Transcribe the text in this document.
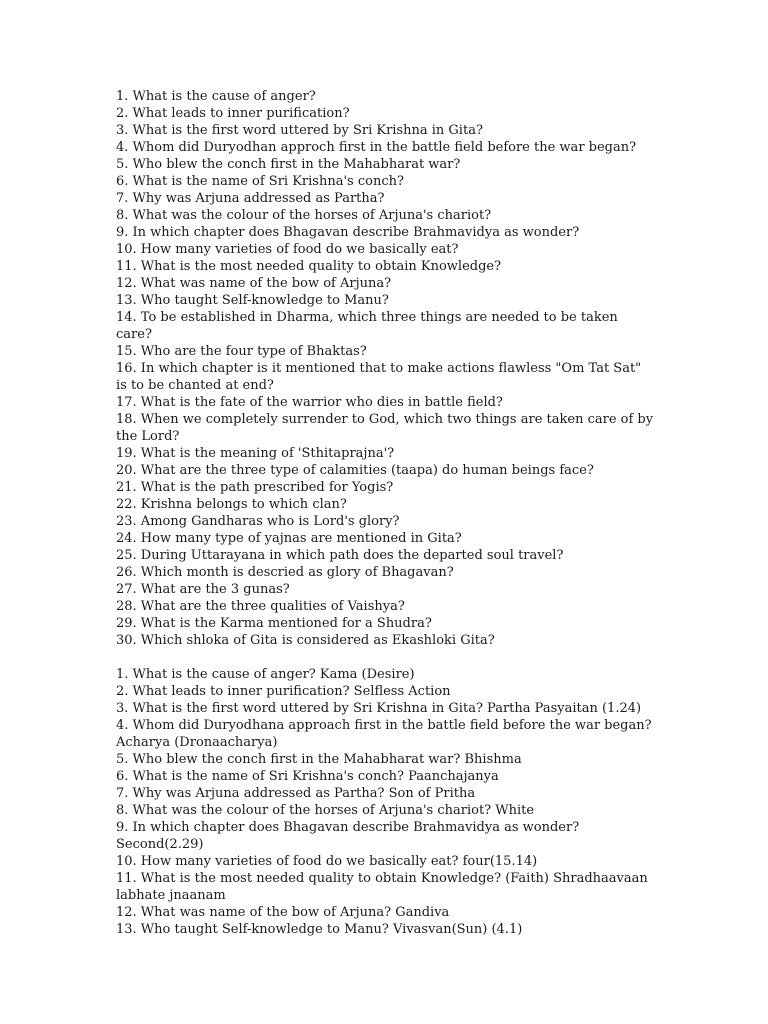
1. What is the cause of anger?
2. What leads to inner purification?
3. What is the first word uttered by Sri Krishna in Gita?
4. Whom did Duryodhan approch first in the battle field before the war began?
5. Who blew the conch first in the Mahabharat war?
6. What is the name of Sri Krishna's conch?
7. Why was Arjuna addressed as Partha?
8. What was the colour of the horses of Arjuna's chariot?
9. In which chapter does Bhagavan describe Brahmavidya as wonder?
10. How many varieties of food do we basically eat?
11. What is the most needed quality to obtain Knowledge?
12. What was name of the bow of Arjuna?
13. Who taught Self-knowledge to Manu?
14. To be established in Dharma, which three things are needed to be taken care?
15. Who are the four type of Bhaktas?
16. In which chapter is it mentioned that to make actions flawless "Om Tat Sat" is to be chanted at end?
17. What is the fate of the warrior who dies in battle field?
18. When we completely surrender to God, which two things are taken care of by the Lord?
19. What is the meaning of 'Sthitaprajna'?
20. What are the three type of calamities (taapa) do human beings face?
21. What is the path prescribed for Yogis?
22. Krishna belongs to which clan?
23. Among Gandharas who is Lord's glory?
24. How many type of yajnas are mentioned in Gita?
25. During Uttarayana in which path does the departed soul travel?
26. Which month is descried as glory of Bhagavan?
27. What are the 3 gunas?
28. What are the three qualities of Vaishya?
29. What is the Karma mentioned for a Shudra?
30. Which shloka of Gita is considered as Ekashloki Gita?
1. What is the cause of anger? Kama (Desire)
2. What leads to inner purification? Selfless Action
3. What is the first word uttered by Sri Krishna in Gita? Partha Pasyaitan (1.24)
4. Whom did Duryodhana approach first in the battle field before the war began? Acharya (Dronaacharya)
5. Who blew the conch first in the Mahabharat war? Bhishma
6. What is the name of Sri Krishna's conch? Paanchajanya
7. Why was Arjuna addressed as Partha? Son of Pritha
8. What was the colour of the horses of Arjuna's chariot? White
9. In which chapter does Bhagavan describe Brahmavidya as wonder? Second(2.29)
10. How many varieties of food do we basically eat? four(15.14)
11. What is the most needed quality to obtain Knowledge? (Faith) Shradhaavaan labhate jnaanam
12. What was name of the bow of Arjuna? Gandiva
13. Who taught Self-knowledge to Manu? Vivasvan(Sun) (4.1)
